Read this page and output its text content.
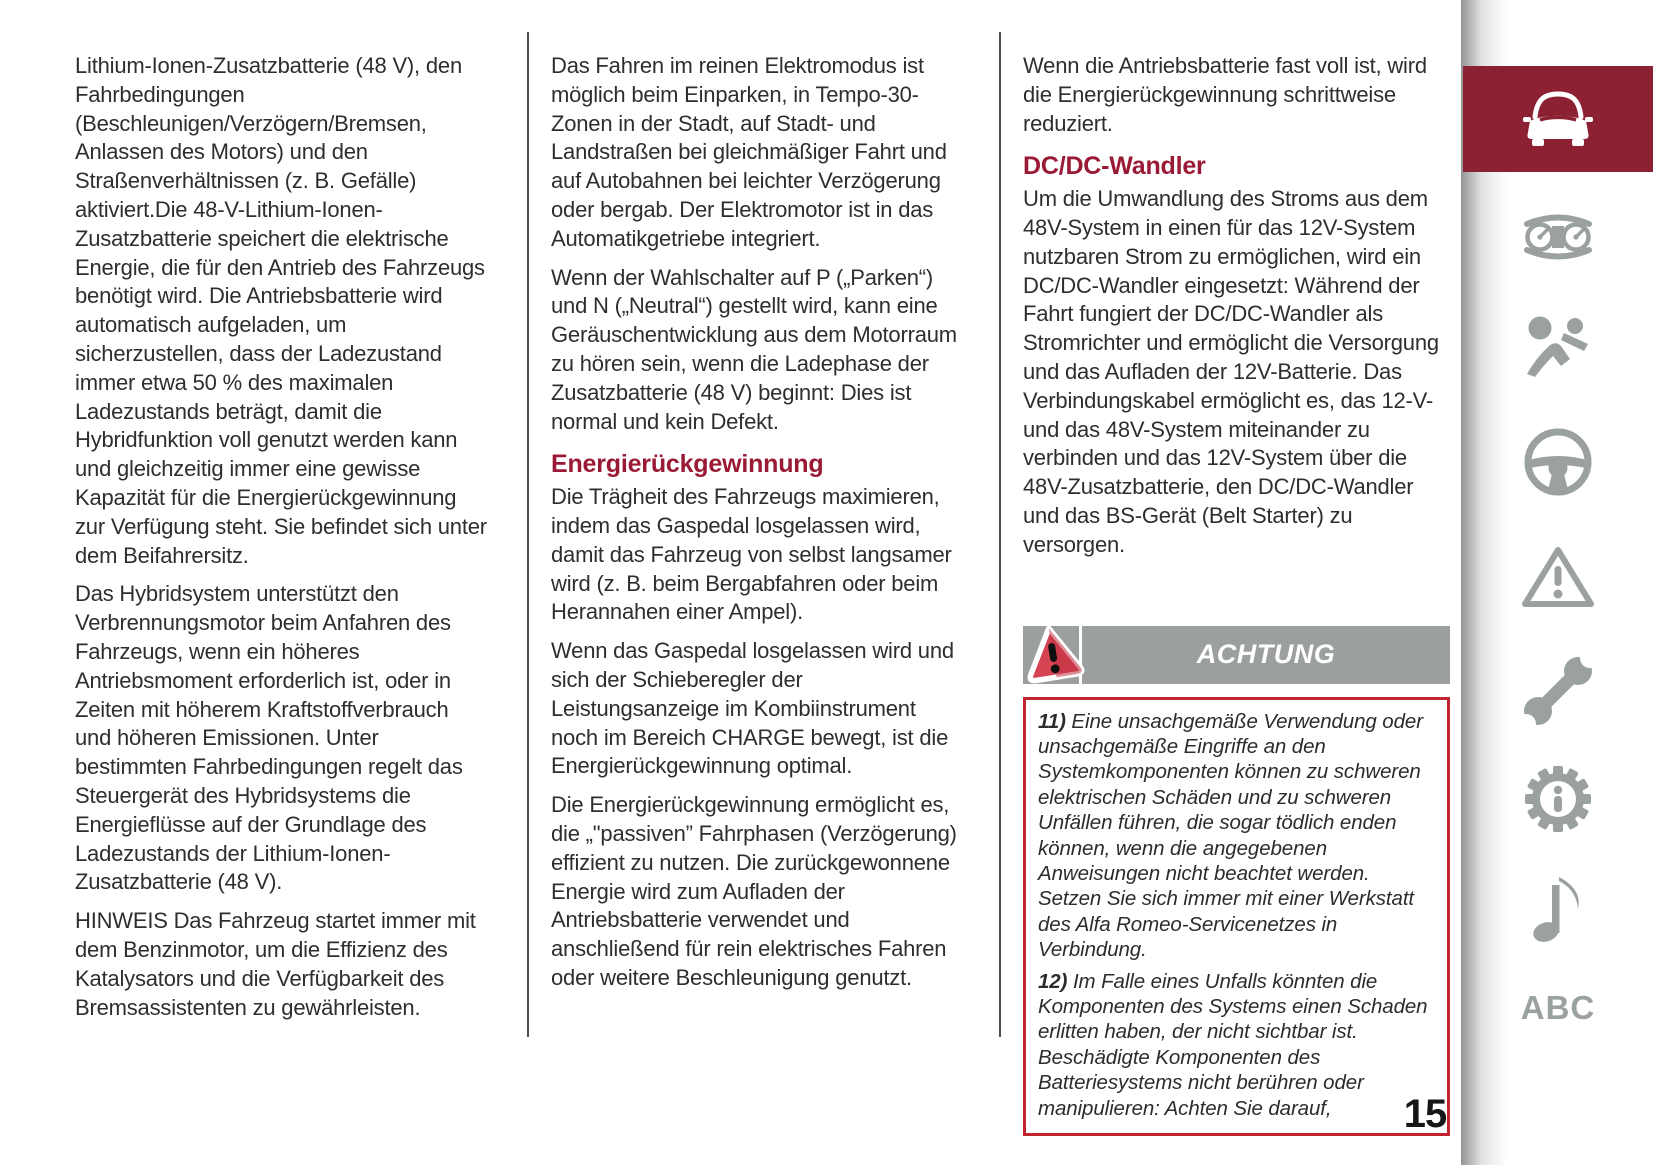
Lithium-Ionen-Zusatzbatterie (48 V), den Fahrbedingungen (Beschleunigen/Verzögern/Bremsen, Anlassen des Motors) und den Straßenverhältnissen (z. B. Gefälle) aktiviert.Die 48-V-Lithium-Ionen-Zusatzbatterie speichert die elektrische Energie, die für den Antrieb des Fahrzeugs benötigt wird. Die Antriebsbatterie wird automatisch aufgeladen, um sicherzustellen, dass der Ladezustand immer etwa 50 % des maximalen Ladezustands beträgt, damit die Hybridfunktion voll genutzt werden kann und gleichzeitig immer eine gewisse Kapazität für die Energierückgewinnung zur Verfügung steht. Sie befindet sich unter dem Beifahrersitz.

Das Hybridsystem unterstützt den Verbrennungsmotor beim Anfahren des Fahrzeugs, wenn ein höheres Antriebsmoment erforderlich ist, oder in Zeiten mit höherem Kraftstoffverbrauch und höheren Emissionen. Unter bestimmten Fahrbedingungen regelt das Steuergerät des Hybridsystems die Energieflüsse auf der Grundlage des Ladezustands der Lithium-Ionen-Zusatzbatterie (48 V).

HINWEIS Das Fahrzeug startet immer mit dem Benzinmotor, um die Effizienz des Katalysators und die Verfügbarkeit des Bremsassistenten zu gewährleisten.

Das Fahren im reinen Elektromodus ist möglich beim Einparken, in Tempo-30-Zonen in der Stadt, auf Stadt- und Landstraßen bei gleichmäßiger Fahrt und auf Autobahnen bei leichter Verzögerung oder bergab. Der Elektromotor ist in das Automatikgetriebe integriert.

Wenn der Wahlschalter auf P („Parken“) und N („Neutral“) gestellt wird, kann eine Geräuschentwicklung aus dem Motorraum zu hören sein, wenn die Ladephase der Zusatzbatterie (48 V) beginnt: Dies ist normal und kein Defekt.

Energierückgewinnung

Die Trägheit des Fahrzeugs maximieren, indem das Gaspedal losgelassen wird, damit das Fahrzeug von selbst langsamer wird (z. B. beim Bergabfahren oder beim Herannahen einer Ampel).

Wenn das Gaspedal losgelassen wird und sich der Schieberegler der Leistungsanzeige im Kombiinstrument noch im Bereich CHARGE bewegt, ist die Energierückgewinnung optimal.

Die Energierückgewinnung ermöglicht es, die „"passiven” Fahrphasen (Verzögerung) effizient zu nutzen. Die zurückgewonnene Energie wird zum Aufladen der Antriebsbatterie verwendet und anschließend für rein elektrisches Fahren oder weitere Beschleunigung genutzt.

Wenn die Antriebsbatterie fast voll ist, wird die Energierückgewinnung schrittweise reduziert.

DC/DC-Wandler

Um die Umwandlung des Stroms aus dem 48V-System in einen für das 12V-System nutzbaren Strom zu ermöglichen, wird ein DC/DC-Wandler eingesetzt: Während der Fahrt fungiert der DC/DC-Wandler als Stromrichter und ermöglicht die Versorgung und das Aufladen der 12V-Batterie. Das Verbindungskabel ermöglicht es, das 12-V- und das 48V-System miteinander zu verbinden und das 12V-System über die 48V-Zusatzbatterie, den DC/DC-Wandler und das BS-Gerät (Belt Starter) zu versorgen.

ACHTUNG

11) Eine unsachgemäße Verwendung oder unsachgemäße Eingriffe an den Systemkomponenten können zu schweren elektrischen Schäden und zu schweren Unfällen führen, die sogar tödlich enden können, wenn die angegebenen Anweisungen nicht beachtet werden. Setzen Sie sich immer mit einer Werkstatt des Alfa Romeo-Servicenetzes in Verbindung.

12) Im Falle eines Unfalls könnten die Komponenten des Systems einen Schaden erlitten haben, der nicht sichtbar ist. Beschädigte Komponenten des Batteriesystems nicht berühren oder manipulieren: Achten Sie darauf,

ABC
15
